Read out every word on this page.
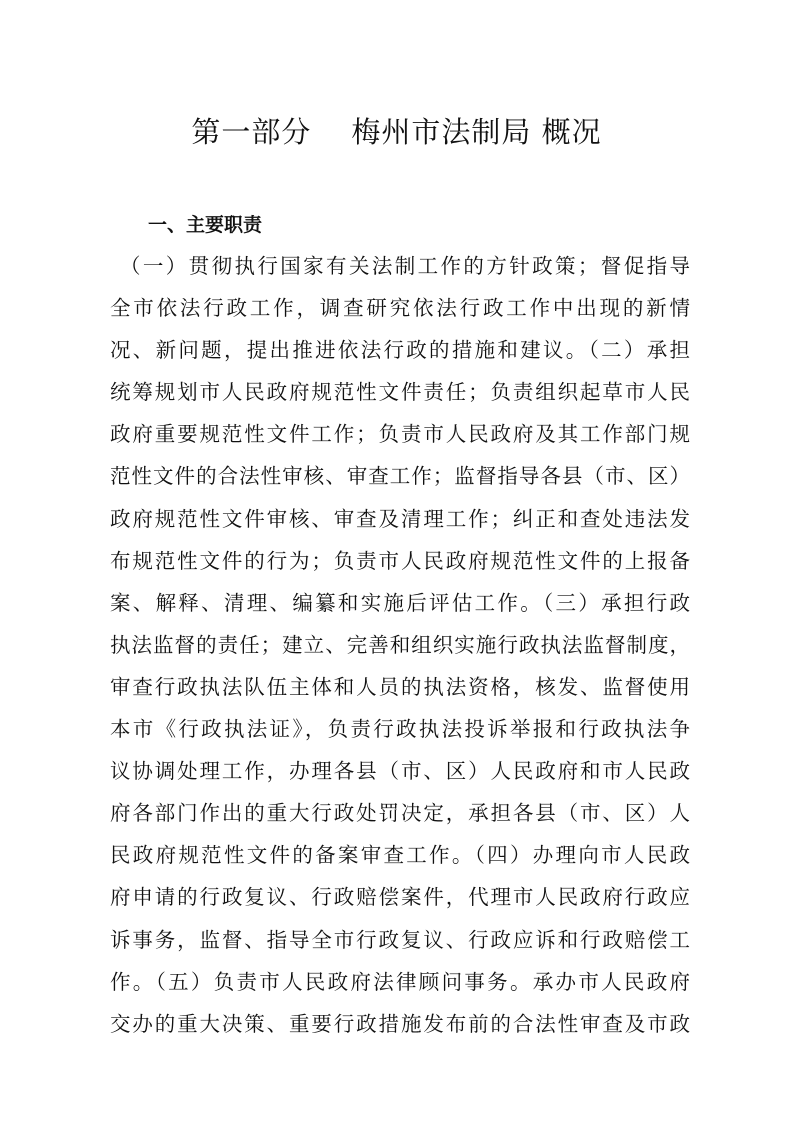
第一部分 梅州市法制局 概况
一、主要职责
（一）贯彻执行国家有关法制工作的方针政策；督促指导
全市依法行政工作，调查研究依法行政工作中出现的新情
况、新问题，提出推进依法行政的措施和建议。（二）承担
统筹规划市人民政府规范性文件责任；负责组织起草市人民
政府重要规范性文件工作；负责市人民政府及其工作部门规
范性文件的合法性审核、审查工作；监督指导各县（市、区）
政府规范性文件审核、审查及清理工作；纠正和查处违法发
布规范性文件的行为；负责市人民政府规范性文件的上报备
案、解释、清理、编纂和实施后评估工作。（三）承担行政
执法监督的责任；建立、完善和组织实施行政执法监督制度，
审查行政执法队伍主体和人员的执法资格，核发、监督使用
本市《行政执法证》，负责行政执法投诉举报和行政执法争
议协调处理工作，办理各县（市、区）人民政府和市人民政
府各部门作出的重大行政处罚决定，承担各县（市、区）人
民政府规范性文件的备案审查工作。（四）办理向市人民政
府申请的行政复议、行政赔偿案件，代理市人民政府行政应
诉事务，监督、指导全市行政复议、行政应诉和行政赔偿工
作。（五）负责市人民政府法律顾问事务。承办市人民政府
交办的重大决策、重要行政措施发布前的合法性审查及市政
